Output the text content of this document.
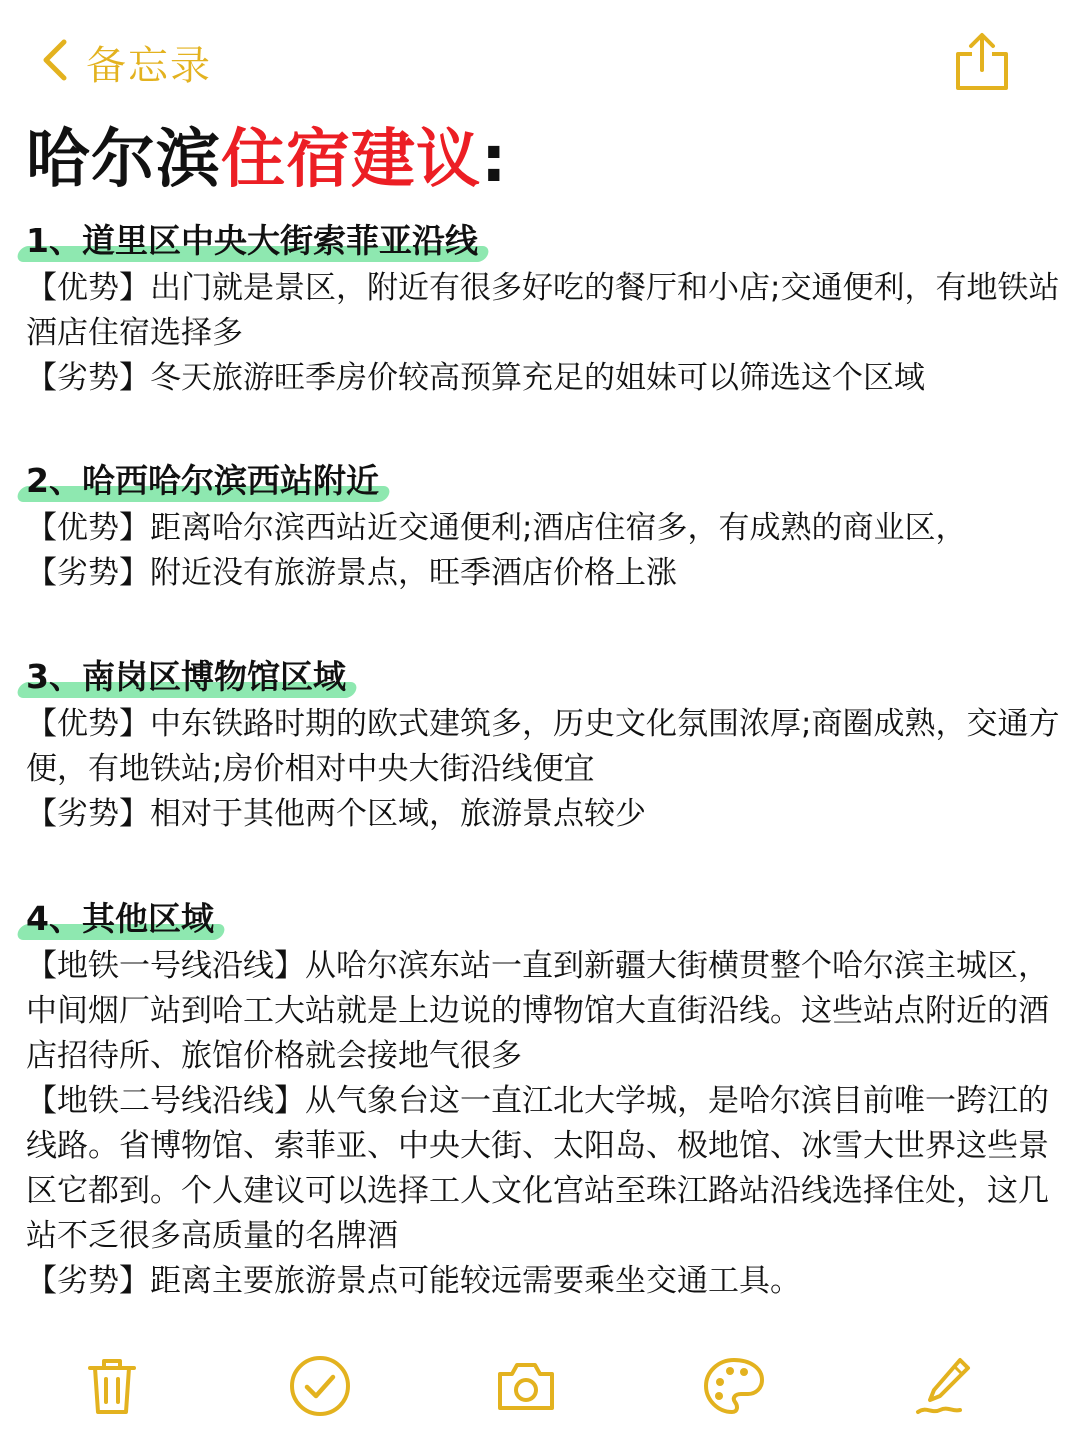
备忘录
哈尔滨住宿建议:
1、道里区中央大街索菲亚沿线

【优势】出门就是景区，附近有很多好吃的餐厅和小店;交通便利，有地铁站酒店住宿选择多

【劣势】冬天旅游旺季房价较高预算充足的姐妹可以筛选这个区域

2、哈西哈尔滨西站附近

【优势】距离哈尔滨西站近交通便利;酒店住宿多，有成熟的商业区，

【劣势】附近没有旅游景点，旺季酒店价格上涨

3、南岗区博物馆区域

【优势】中东铁路时期的欧式建筑多，历史文化氛围浓厚;商圈成熟，交通方便，有地铁站;房价相对中央大街沿线便宜

【劣势】相对于其他两个区域，旅游景点较少

4、其他区域

【地铁一号线沿线】从哈尔滨东站一直到新疆大街横贯整个哈尔滨主城区，中间烟厂站到哈工大站就是上边说的博物馆大直街沿线。这些站点附近的酒店招待所、旅馆价格就会接地气很多

【地铁二号线沿线】从气象台这一直江北大学城，是哈尔滨目前唯一跨江的线路。省博物馆、索菲亚、中央大街、太阳岛、极地馆、冰雪大世界这些景区它都到。个人建议可以选择工人文化宫站至珠江路站沿线选择住处，这几站不乏很多高质量的名牌酒

【劣势】距离主要旅游景点可能较远需要乘坐交通工具。
